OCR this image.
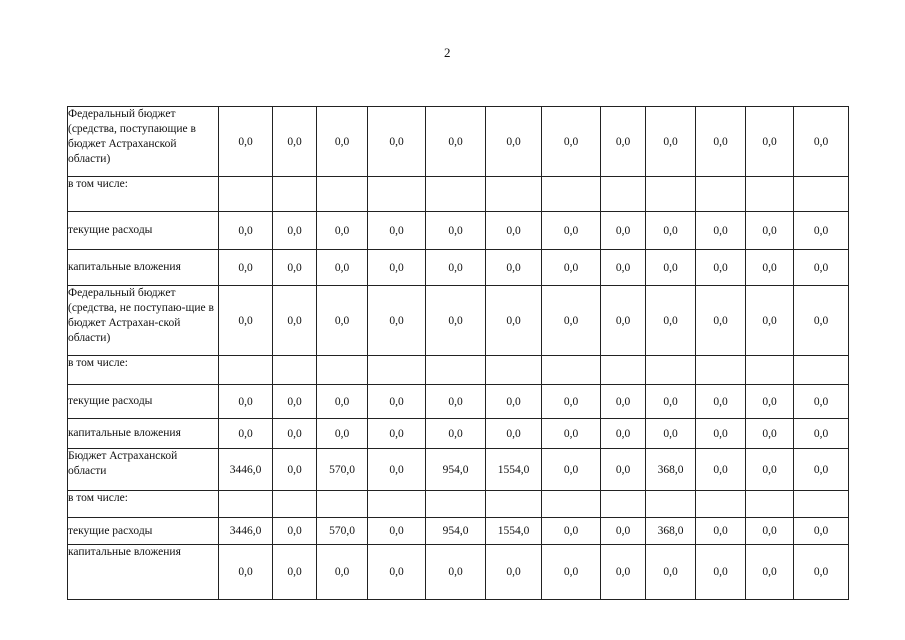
2
Федеральный бюджет (средства, поступающие в бюджет Астраханской области)	0,0	0,0	0,0	0,0	0,0	0,0	0,0	0,0	0,0	0,0	0,0	0,0
в том числе:												
текущие расходы	0,0	0,0	0,0	0,0	0,0	0,0	0,0	0,0	0,0	0,0	0,0	0,0
капитальные вложения	0,0	0,0	0,0	0,0	0,0	0,0	0,0	0,0	0,0	0,0	0,0	0,0
Федеральный бюджет (средства, не поступаю-щие в бюджет Астрахан-ской области)	0,0	0,0	0,0	0,0	0,0	0,0	0,0	0,0	0,0	0,0	0,0	0,0
в том числе:												
текущие расходы	0,0	0,0	0,0	0,0	0,0	0,0	0,0	0,0	0,0	0,0	0,0	0,0
капитальные вложения	0,0	0,0	0,0	0,0	0,0	0,0	0,0	0,0	0,0	0,0	0,0	0,0
Бюджет Астраханской области	3446,0	0,0	570,0	0,0	954,0	1554,0	0,0	0,0	368,0	0,0	0,0	0,0
в том числе:												
текущие расходы	3446,0	0,0	570,0	0,0	954,0	1554,0	0,0	0,0	368,0	0,0	0,0	0,0
капитальные вложения	0,0	0,0	0,0	0,0	0,0	0,0	0,0	0,0	0,0	0,0	0,0	0,0
